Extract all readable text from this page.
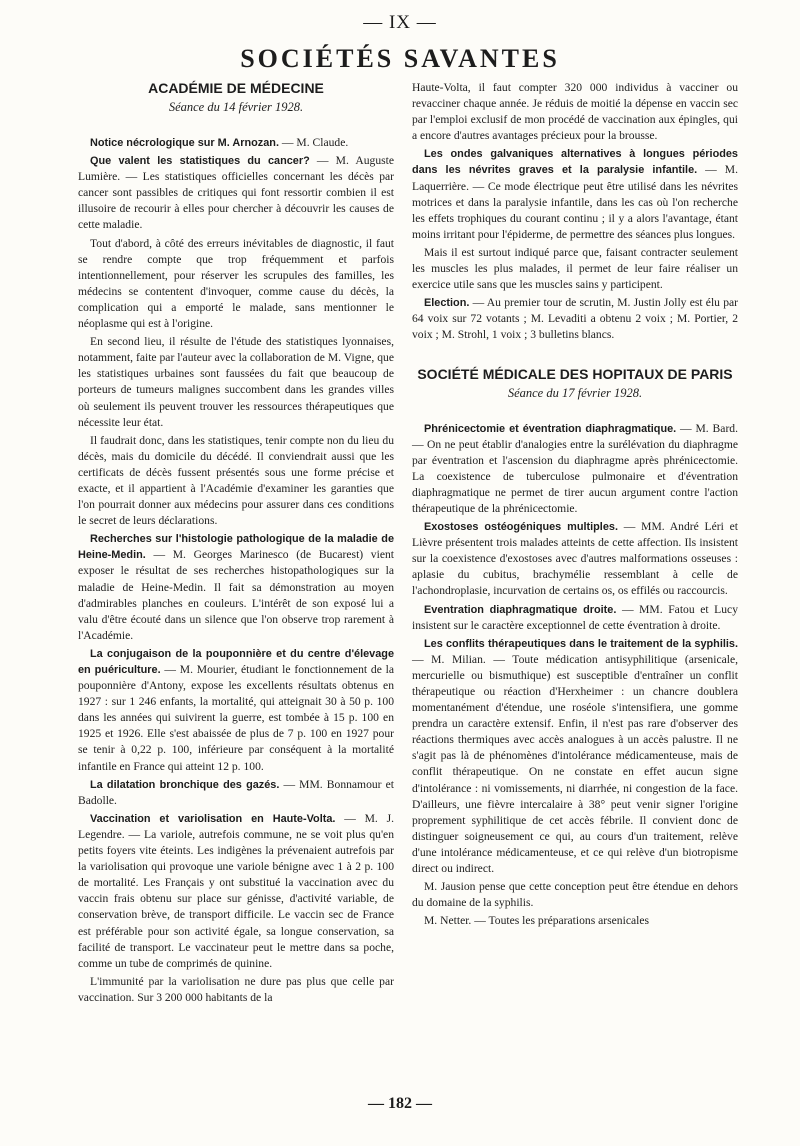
— IX —
SOCIÉTÉS SAVANTES
ACADÉMIE DE MÉDECINE
Séance du 14 février 1928.

Notice nécrologique sur M. Arnozan. — M. Claude.

Que valent les statistiques du cancer? — M. Auguste Lumière. — Les statistiques officielles concernant les décès par cancer sont passibles de critiques qui font ressortir combien il est illusoire de recourir à elles pour chercher à découvrir les causes de cette maladie.

Tout d'abord, à côté des erreurs inévitables de diagnostic, il faut se rendre compte que trop fréquemment et parfois intentionnellement, pour réserver les scrupules des familles, les médecins se contentent d'invoquer, comme cause du décès, la complication qui a emporté le malade, sans mentionner le néoplasme qui est à l'origine.

En second lieu, il résulte de l'étude des statistiques lyonnaises, notamment, faite par l'auteur avec la collaboration de M. Vigne, que les statistiques urbaines sont faussées du fait que beaucoup de porteurs de tumeurs malignes succombent dans les grandes villes où seulement ils peuvent trouver les ressources thérapeutiques que nécessite leur état.

Il faudrait donc, dans les statistiques, tenir compte non du lieu du décès, mais du domicile du décédé. Il conviendrait aussi que les certificats de décès fussent présentés sous une forme précise et exacte, et il appartient à l'Académie d'examiner les garanties que l'on pourrait donner aux médecins pour assurer dans ces conditions le secret de leurs déclarations.

Recherches sur l'histologie pathologique de la maladie de Heine-Medin. — M. Georges Marinesco (de Bucarest) vient exposer le résultat de ses recherches histopathologiques sur la maladie de Heine-Medin. Il fait sa démonstration au moyen d'admirables planches en couleurs. L'intérêt de son exposé lui a valu d'être écouté dans un silence que l'on observe trop rarement à l'Académie.

La conjugaison de la pouponnière et du centre d'élevage en puériculture. — M. Mourier, étudiant le fonctionnement de la pouponnière d'Antony, expose les excellents résultats obtenus en 1927 : sur 1 246 enfants, la mortalité, qui atteignait 30 à 50 p. 100 dans les années qui suivirent la guerre, est tombée à 15 p. 100 en 1925 et 1926. Elle s'est abaissée de plus de 7 p. 100 en 1927 pour se tenir à 0,22 p. 100, inférieure par conséquent à la mortalité infantile en France qui atteint 12 p. 100.

La dilatation bronchique des gazés. — MM. Bonnamour et Badolle.

Vaccination et variolisation en Haute-Volta. — M. J. Legendre. — La variole, autrefois commune, ne se voit plus qu'en petits foyers vite éteints. Les indigènes la prévenaient autrefois par la variolisation qui provoque une variole bénigne avec 1 à 2 p. 100 de mortalité. Les Français y ont substitué la vaccination avec du vaccin frais obtenu sur place sur génisse, d'activité variable, de conservation brève, de transport difficile. Le vaccin sec de France est préférable pour son activité égale, sa longue conservation, sa facilité de transport. Le vaccinateur peut le mettre dans sa poche, comme un tube de comprimés de quinine.

L'immunité par la variolisation ne dure pas plus que celle par vaccination. Sur 3 200 000 habitants de la

Haute-Volta, il faut compter 320 000 individus à vacciner ou revacciner chaque année. Je réduis de moitié la dépense en vaccin sec par l'emploi exclusif de mon procédé de vaccination aux épingles, qui a encore d'autres avantages précieux pour la brousse.

Les ondes galvaniques alternatives à longues périodes dans les névrites graves et la paralysie infantile. — M. Laquerrière. — Ce mode électrique peut être utilisé dans les névrites motrices et dans la paralysie infantile, dans les cas où l'on recherche les effets trophiques du courant continu ; il y a alors l'avantage, étant moins irritant pour l'épiderme, de permettre des séances plus longues.

Mais il est surtout indiqué parce que, faisant contracter seulement les muscles les plus malades, il permet de leur faire réaliser un exercice utile sans que les muscles sains y participent.

Election. — Au premier tour de scrutin, M. Justin Jolly est élu par 64 voix sur 72 votants ; M. Levaditi a obtenu 2 voix ; M. Portier, 2 voix ; M. Strohl, 1 voix ; 3 bulletins blancs.

SOCIÉTÉ MÉDICALE DES HOPITAUX DE PARIS
Séance du 17 février 1928.

Phrénicectomie et éventration diaphragmatique. — M. Bard. — On ne peut établir d'analogies entre la surélévation du diaphragme par éventration et l'ascension du diaphragme après phrénicectomie. La coexistence de tuberculose pulmonaire et d'éventration diaphragmatique ne permet de tirer aucun argument contre l'action thérapeutique de la phrénicectomie.

Exostoses ostéogéniques multiples. — MM. André Léri et Lièvre présentent trois malades atteints de cette affection. Ils insistent sur la coexistence d'exostoses avec d'autres malformations osseuses : aplasie du cubitus, brachymélie ressemblant à celle de l'achondroplasie, incurvation de certains os, os effilés ou raccourcis.

Eventration diaphragmatique droite. — MM. Fatou et Lucy insistent sur le caractère exceptionnel de cette éventration à droite.

Les conflits thérapeutiques dans le traitement de la syphilis. — M. Milian. — Toute médication antisyphilitique (arsenicale, mercurielle ou bismuthique) est susceptible d'entraîner un conflit thérapeutique ou réaction d'Herxheimer : un chancre doublera momentanément d'étendue, une roséole s'intensifiera, une gomme prendra un caractère extensif. Enfin, il n'est pas rare d'observer des réactions thermiques avec accès analogues à un accès palustre. Il ne s'agit pas là de phénomènes d'intolérance médicamenteuse, mais de conflit thérapeutique. On ne constate en effet aucun signe d'intolérance : ni vomissements, ni diarrhée, ni congestion de la face. D'ailleurs, une fièvre intercalaire à 38° peut venir signer l'origine proprement syphilitique de cet accès fébrile. Il convient donc de distinguer soigneusement ce qui, au cours d'un traitement, relève d'une intolérance médicamenteuse, et ce qui relève d'un biotropisme direct ou indirect.

M. Jausion pense que cette conception peut être étendue en dehors du domaine de la syphilis.

M. Netter. — Toutes les préparations arsenicales

— 182 —
